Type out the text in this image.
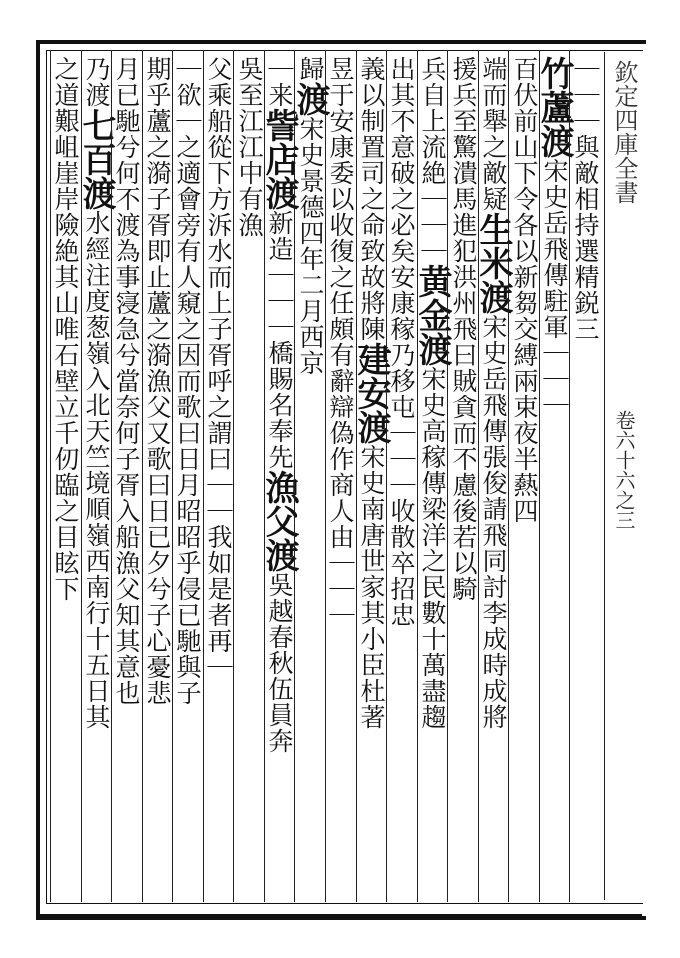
欽定四庫全書
卷六十六之三
｜｜｜與敵相持選精鋭三
竹蘆渡宋史岳飛傳駐軍｜｜｜
百伏前山下令各以新芻交縛兩束夜半爇四
端而舉之敵疑生米渡宋史岳飛傳張俊請飛同討李成時成將
援兵至驚潰馬進犯洪州飛曰賊貪而不慮後若以騎
兵自上流絶｜｜｜黄金渡宋史高稼傳梁洋之民數十萬盡趨
出其不意破之必矣安康稼乃移屯｜｜｜收散卒招忠
義以制置司之命致故將陳建安渡宋史南唐世家其小臣杜著
昱于安康委以收復之任頗有辭辯偽作商人由｜｜｜
歸渡宋史景德四年二月西京
｜来訾店渡新造｜｜｜橋賜名奉先漁父渡吳越春秋伍員奔
吳至江江中有漁
父乘船從下方泝水而上子胥呼之謂曰｜｜我如是者再｜
｜欲｜之適會旁有人窺之因而歌曰日月昭昭乎侵已馳與子
期乎蘆之漪子胥即止蘆之漪漁父又歌曰日已夕兮子心憂悲
月已馳兮何不渡為事寖急兮當奈何子胥入船漁父知其意也
乃渡七百渡水經注度葱嶺入北天竺境順嶺西南行十五日其
之道艱岨崖岸險絶其山唯石壁立千仞臨之目眩下
